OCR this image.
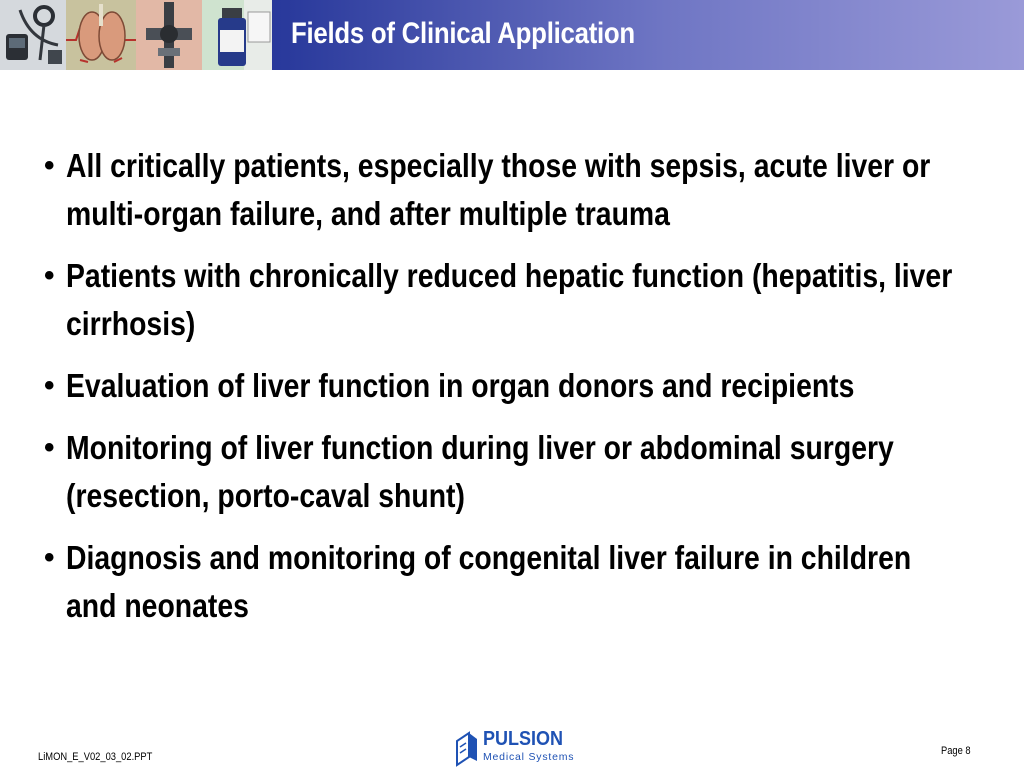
Fields of Clinical Application
• All critically patients, especially those with sepsis, acute liver or multi-organ failure, and after multiple trauma
• Patients with chronically reduced hepatic function (hepatitis, liver cirrhosis)
• Evaluation of liver function in organ donors and recipients
• Monitoring of liver function during liver or abdominal surgery (resection, porto-caval shunt)
• Diagnosis and monitoring of congenital liver failure in children and neonates
LiMON_E_V02_03_02.PPT
PULSION
Medical Systems	Page 8
